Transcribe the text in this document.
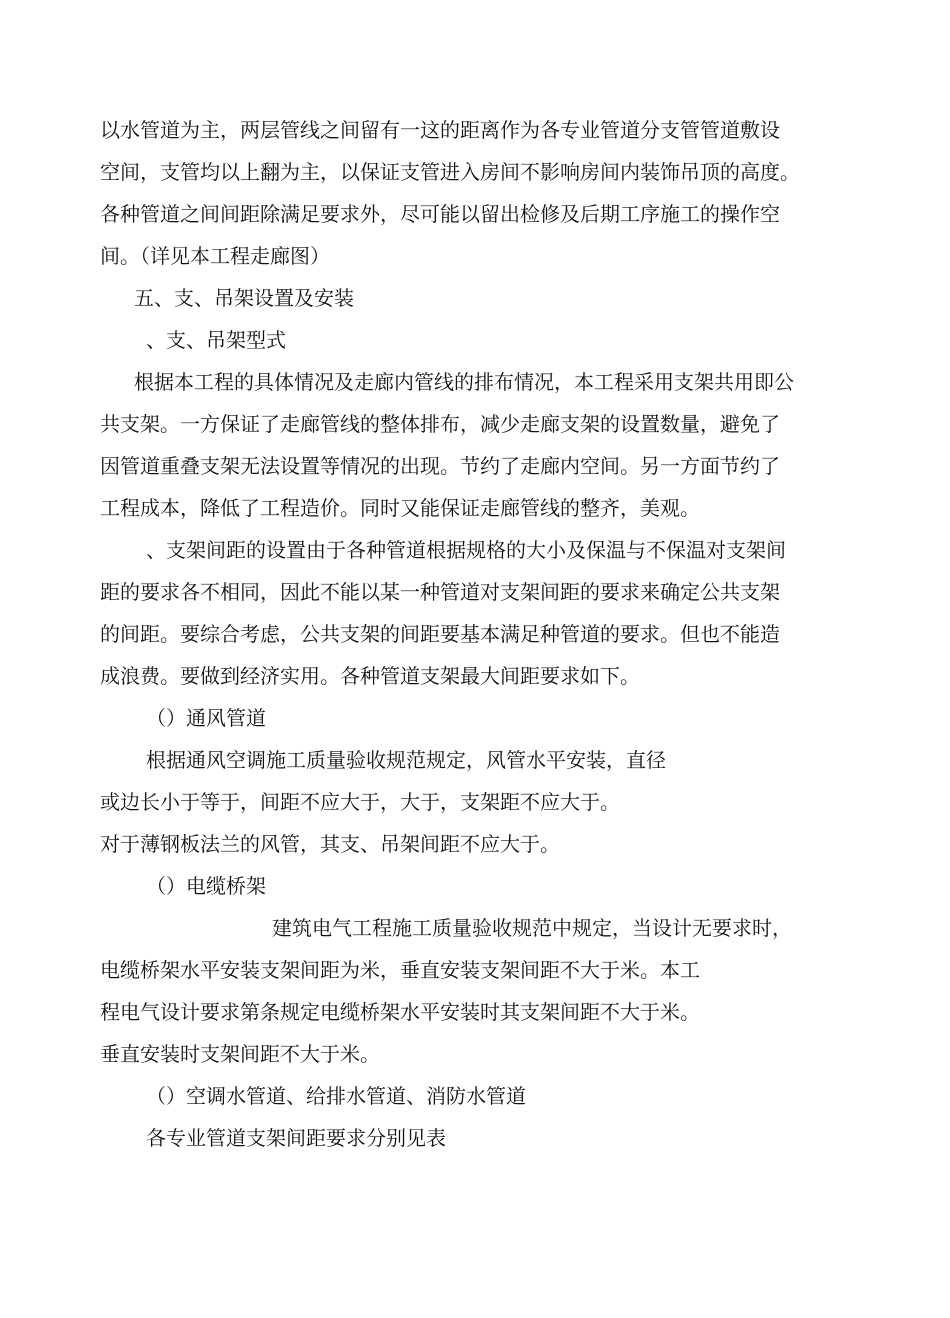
以水管道为主，两层管线之间留有一这的距离作为各专业管道分支管管道敷设
空间，支管均以上翻为主，以保证支管进入房间不影响房间内装饰吊顶的高度。
各种管道之间间距除满足要求外，尽可能以留出检修及后期工序施工的操作空
间。（详见本工程走廊图）
五、支、吊架设置及安装
、支、吊架型式
根据本工程的具体情况及走廊内管线的排布情况，本工程采用支架共用即公
共支架。一方保证了走廊管线的整体排布，减少走廊支架的设置数量，避免了
因管道重叠支架无法设置等情况的出现。节约了走廊内空间。另一方面节约了
工程成本，降低了工程造价。同时又能保证走廊管线的整齐，美观。
、支架间距的设置由于各种管道根据规格的大小及保温与不保温对支架间
距的要求各不相同，因此不能以某一种管道对支架间距的要求来确定公共支架
的间距。要综合考虑，公共支架的间距要基本满足种管道的要求。但也不能造
成浪费。要做到经济实用。各种管道支架最大间距要求如下。
（）通风管道
根据通风空调施工质量验收规范规定，风管水平安装，直径
或边长小于等于，间距不应大于，大于，支架距不应大于。
对于薄钢板法兰的风管，其支、吊架间距不应大于。
（）电缆桥架
建筑电气工程施工质量验收规范中规定，当设计无要求时，
电缆桥架水平安装支架间距为米，垂直安装支架间距不大于米。本工
程电气设计要求第条规定电缆桥架水平安装时其支架间距不大于米。
垂直安装时支架间距不大于米。
（）空调水管道、给排水管道、消防水管道
各专业管道支架间距要求分别见表
